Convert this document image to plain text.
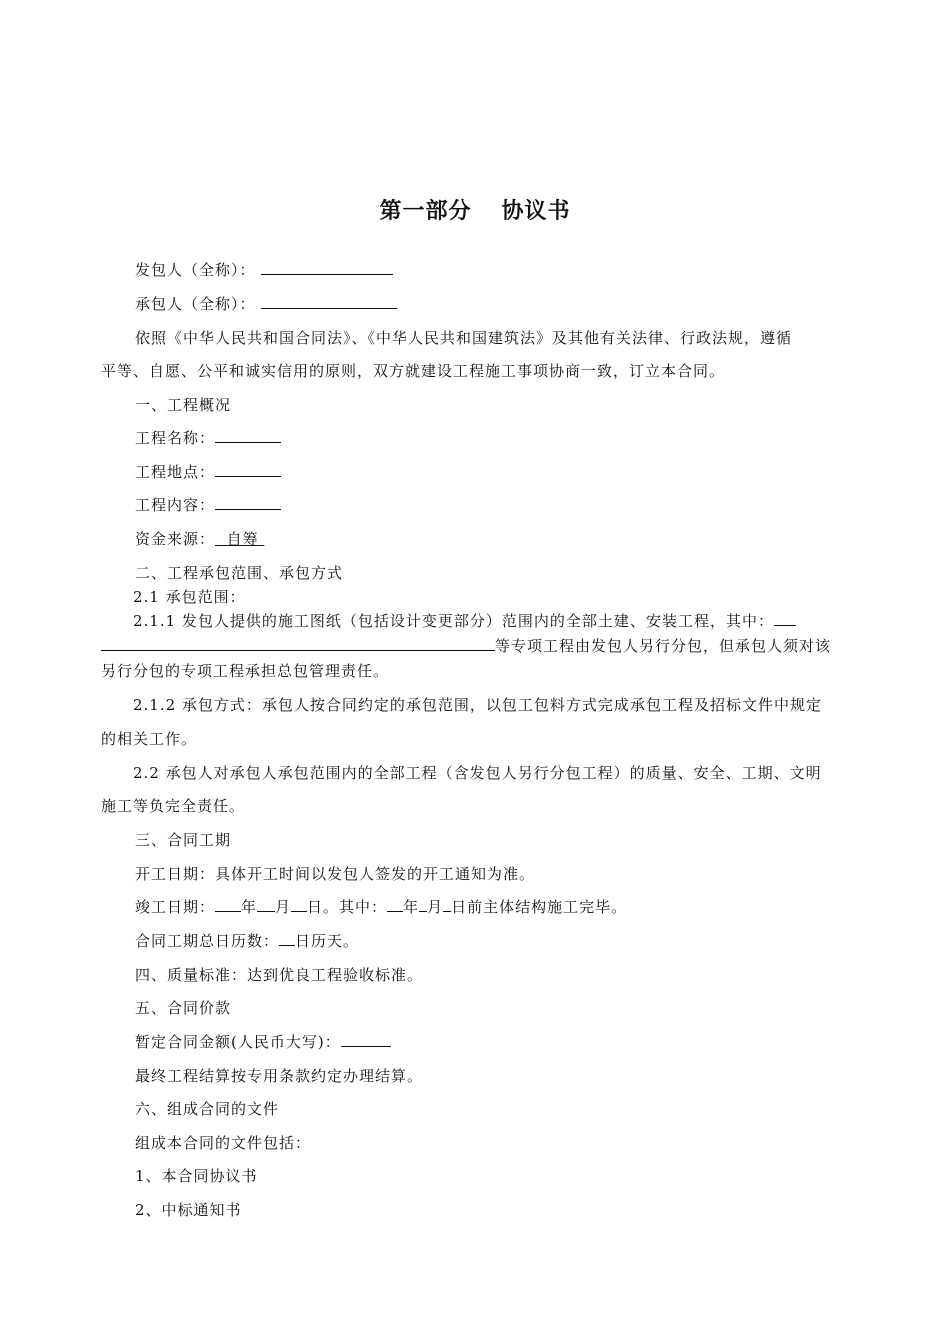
第一部分 协议书
发包人（全称）：
承包人（全称）：
依照《中华人民共和国合同法》、《中华人民共和国建筑法》及其他有关法律、行政法规，遵循
平等、自愿、公平和诚实信用的原则，双方就建设工程施工事项协商一致，订立本合同。
一、工程概况
工程名称：
工程地点：
工程内容：
资金来源： 自筹
二、工程承包范围、承包方式
2.1 承包范围：
2.1.1 发包人提供的施工图纸（包括设计变更部分）范围内的全部土建、安装工程，其中：
等专项工程由发包人另行分包，但承包人须对该
另行分包的专项工程承担总包管理责任。
2.1.2 承包方式：承包人按合同约定的承包范围，以包工包料方式完成承包工程及招标文件中规定
的相关工作。
2.2 承包人对承包人承包范围内的全部工程（含发包人另行分包工程）的质量、安全、工期、文明
施工等负完全责任。
三、合同工期
开工日期：具体开工时间以发包人签发的开工通知为准。
竣工日期： 年 月 日。其中： 年 月 日前主体结构施工完毕。
合同工期总日历数： 日历天。
四、质量标准：达到优良工程验收标准。
五、合同价款
暂定合同金额(人民币大写)：
最终工程结算按专用条款约定办理结算。
六、组成合同的文件
组成本合同的文件包括：
1、本合同协议书
2、中标通知书
